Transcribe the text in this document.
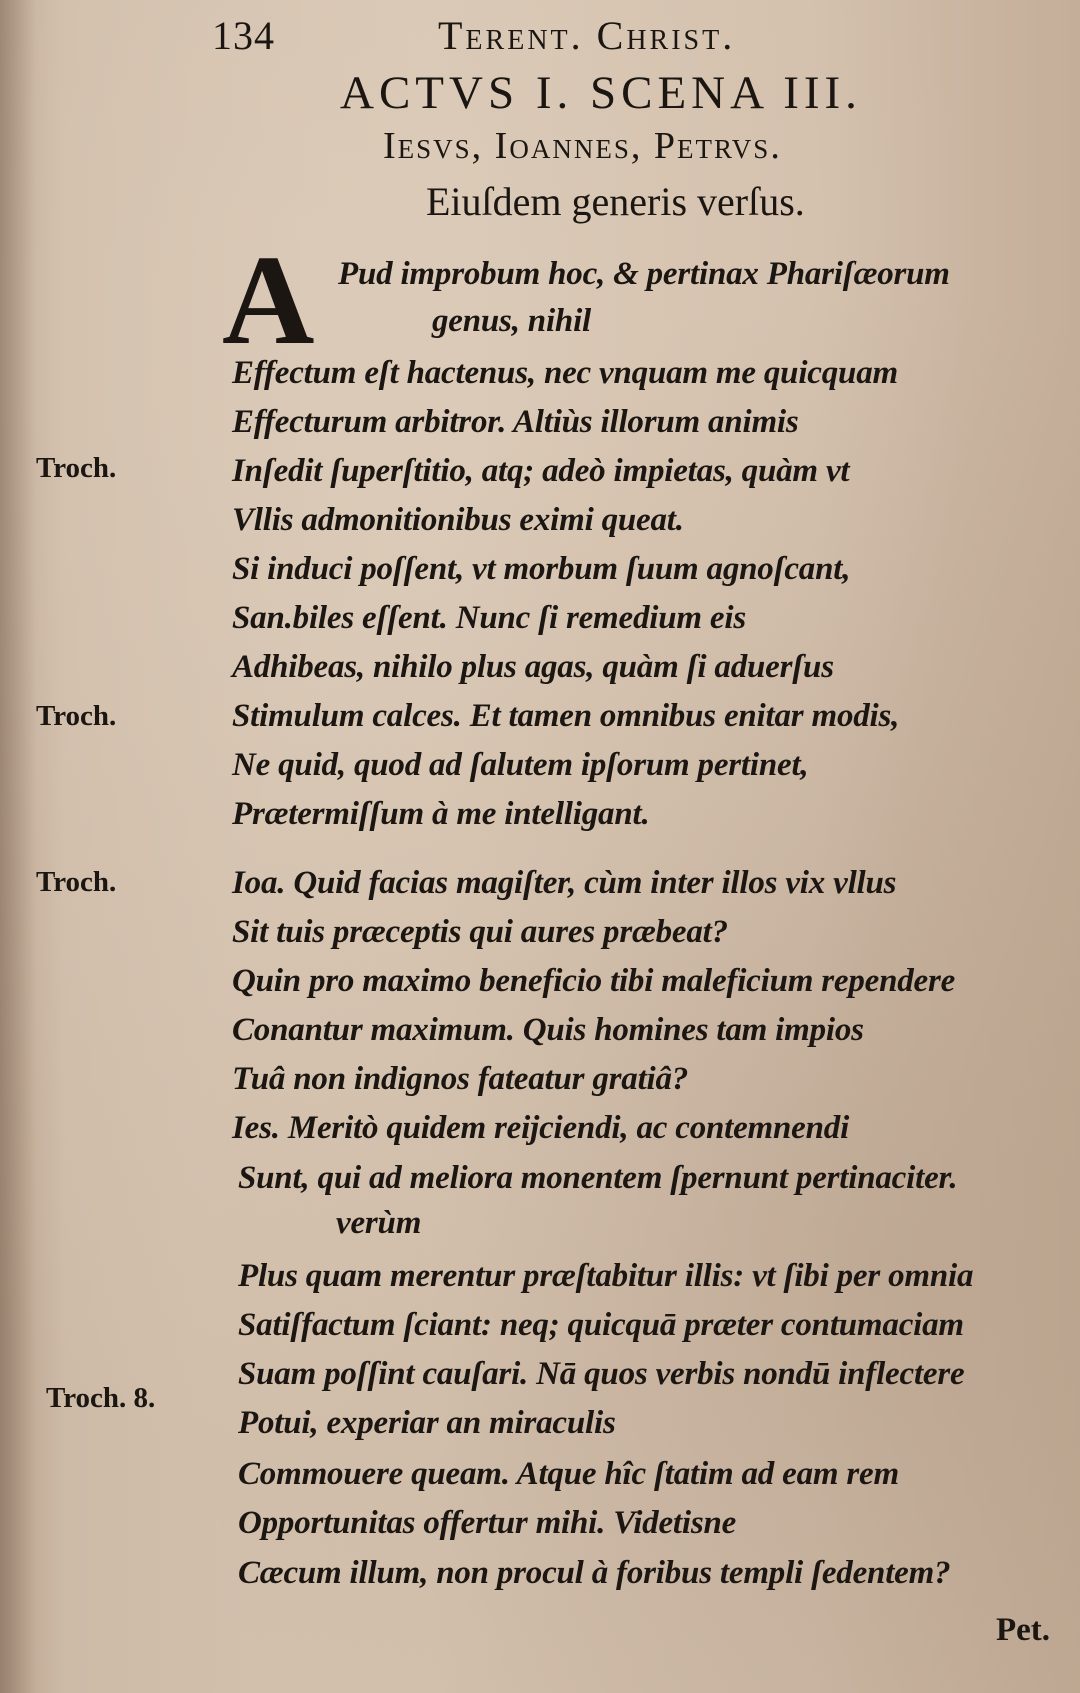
134	Terent. Christ.
ACTVS I. SCENA III.
Iesvs, Ioannes, Petrvs.
Eiuſdem generis verſus.
A Pud improbum hoc, & pertinax Phariſæorum
genus, nihil
Effectum eſt hactenus, nec vnquam me quicquam
Effecturum arbitror. Altiùs illorum animis
Inſedit ſuperſtitio, atq; adeò impietas, quàm vt
Vllis admonitionibus eximi queat.
Si induci poſſent, vt morbum ſuum agnoſcant,
San.biles eſſent. Nunc ſi remedium eis
Adhibeas, nihilo plus agas, quàm ſi aduerſus
Stimulum calces. Et tamen omnibus enitar modis,
Ne quid, quod ad ſalutem ipſorum pertinet,
Prætermiſſum à me intelligant.
Ioa. Quid facias magiſter, cùm inter illos vix vllus
Sit tuis præceptis qui aures præbeat?
Quin pro maximo beneficio tibi maleficium rependere
Conantur maximum. Quis homines tam impios
Tuâ non indignos fateatur gratiâ?
Ies. Meritò quidem reijciendi, ac contemnendi
Sunt, qui ad meliora monentem ſpernunt pertinaciter.
verùm
Plus quam merentur præſtabitur illis: vt ſibi per omnia
Satiſfactum ſciant: neq; quicquā præter contumaciam
Suam poſſint cauſari. Nā quos verbis nondū inflectere
Potui, experiar an miraculis
Commouere queam. Atque hîc ſtatim ad eam rem
Opportunitas offertur mihi. Videtisne
Cæcum illum, non procul à foribus templi ſedentem?
Troch.
Troch.
Troch.
Troch. 8.
Pet.
